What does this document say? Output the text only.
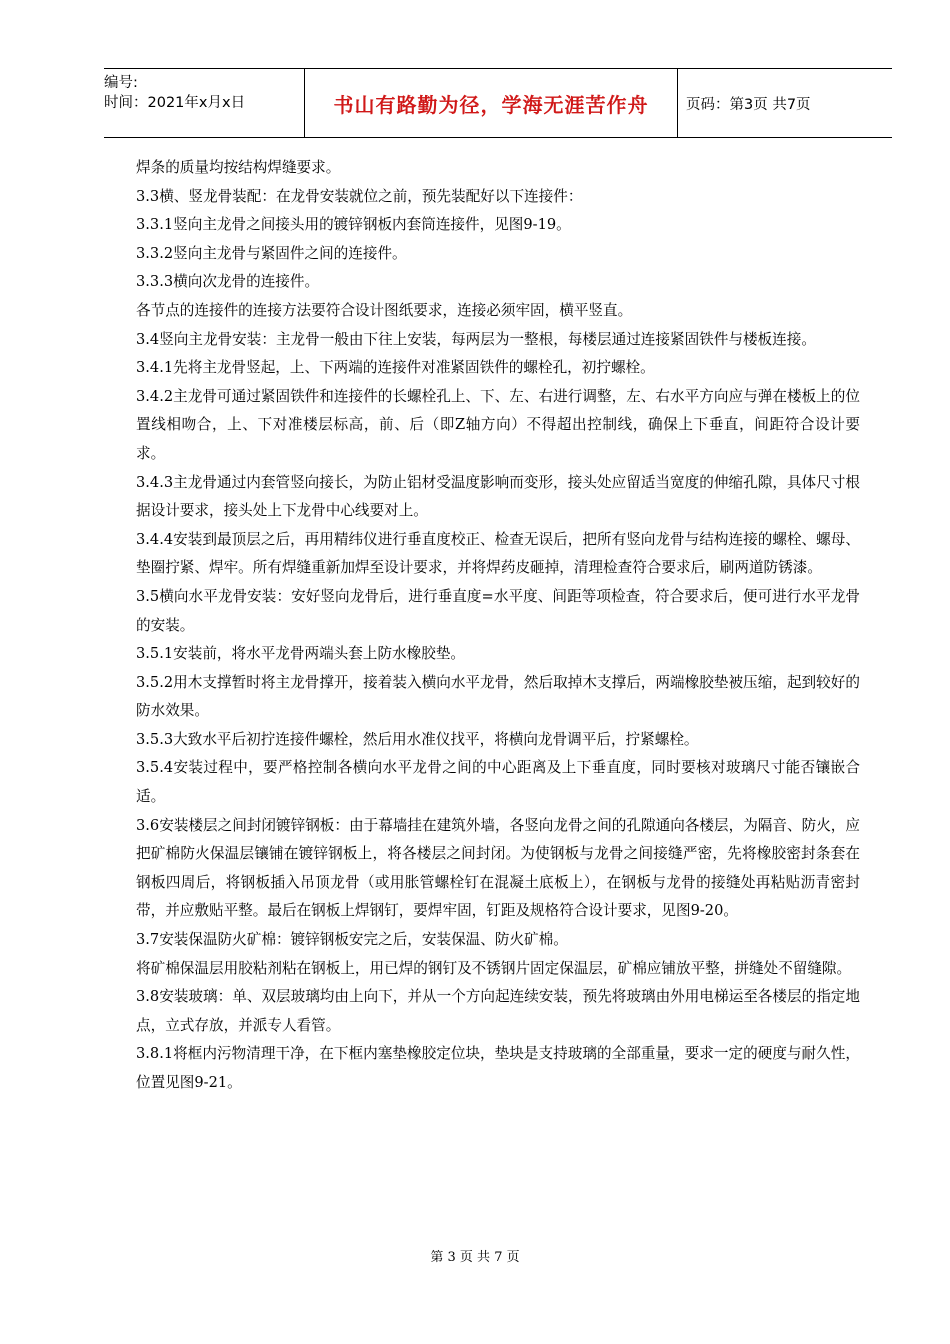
编号:
时间：2021年x月x日	书山有路勤为径，学海无涯苦作舟	页码：第3页 共7页

焊条的质量均按结构焊缝要求。

3.3横、竖龙骨装配：在龙骨安装就位之前，预先装配好以下连接件：

3.3.1竖向主龙骨之间接头用的镀锌钢板内套筒连接件，见图9-19。

3.3.2竖向主龙骨与紧固件之间的连接件。

3.3.3横向次龙骨的连接件。

各节点的连接件的连接方法要符合设计图纸要求，连接必须牢固，横平竖直。

3.4竖向主龙骨安装：主龙骨一般由下往上安装，每两层为一整根，每楼层通过连接紧固铁件与楼板连接。

3.4.1先将主龙骨竖起，上、下两端的连接件对准紧固铁件的螺栓孔，初拧螺栓。

3.4.2主龙骨可通过紧固铁件和连接件的长螺栓孔上、下、左、右进行调整，左、右水平方向应与弹在楼板上的位置线相吻合，上、下对准楼层标高，前、后（即Z轴方向）不得超出控制线，确保上下垂直，间距符合设计要求。

3.4.3主龙骨通过内套管竖向接长，为防止铝材受温度影响而变形，接头处应留适当宽度的伸缩孔隙，具体尺寸根据设计要求，接头处上下龙骨中心线要对上。

3.4.4安装到最顶层之后，再用精纬仪进行垂直度校正、检查无误后，把所有竖向龙骨与结构连接的螺栓、螺母、垫圈拧紧、焊牢。所有焊缝重新加焊至设计要求，并将焊药皮砸掉，清理检查符合要求后，刷两道防锈漆。

3.5横向水平龙骨安装：安好竖向龙骨后，进行垂直度=水平度、间距等项检查，符合要求后，便可进行水平龙骨的安装。

3.5.1安装前，将水平龙骨两端头套上防水橡胶垫。

3.5.2用木支撑暂时将主龙骨撑开，接着装入横向水平龙骨，然后取掉木支撑后，两端橡胶垫被压缩，起到较好的防水效果。

3.5.3大致水平后初拧连接件螺栓，然后用水准仪找平，将横向龙骨调平后，拧紧螺栓。

3.5.4安装过程中，要严格控制各横向水平龙骨之间的中心距离及上下垂直度，同时要核对玻璃尺寸能否镶嵌合适。

3.6安装楼层之间封闭镀锌钢板：由于幕墙挂在建筑外墙，各竖向龙骨之间的孔隙通向各楼层，为隔音、防火，应把矿棉防火保温层镶铺在镀锌钢板上，将各楼层之间封闭。为使钢板与龙骨之间接缝严密，先将橡胶密封条套在钢板四周后，将钢板插入吊顶龙骨（或用胀管螺栓钉在混凝土底板上），在钢板与龙骨的接缝处再粘贴沥青密封带，并应敷贴平整。最后在钢板上焊钢钉，要焊牢固，钉距及规格符合设计要求，见图9-20。

3.7安装保温防火矿棉：镀锌钢板安完之后，安装保温、防火矿棉。

将矿棉保温层用胶粘剂粘在钢板上，用已焊的钢钉及不锈钢片固定保温层，矿棉应铺放平整，拼缝处不留缝隙。

3.8安装玻璃：单、双层玻璃均由上向下，并从一个方向起连续安装，预先将玻璃由外用电梯运至各楼层的指定地点，立式存放，并派专人看管。

3.8.1将框内污物清理干净，在下框内塞垫橡胶定位块，垫块是支持玻璃的全部重量，要求一定的硬度与耐久性，位置见图9-21。

第 3 页 共 7 页
